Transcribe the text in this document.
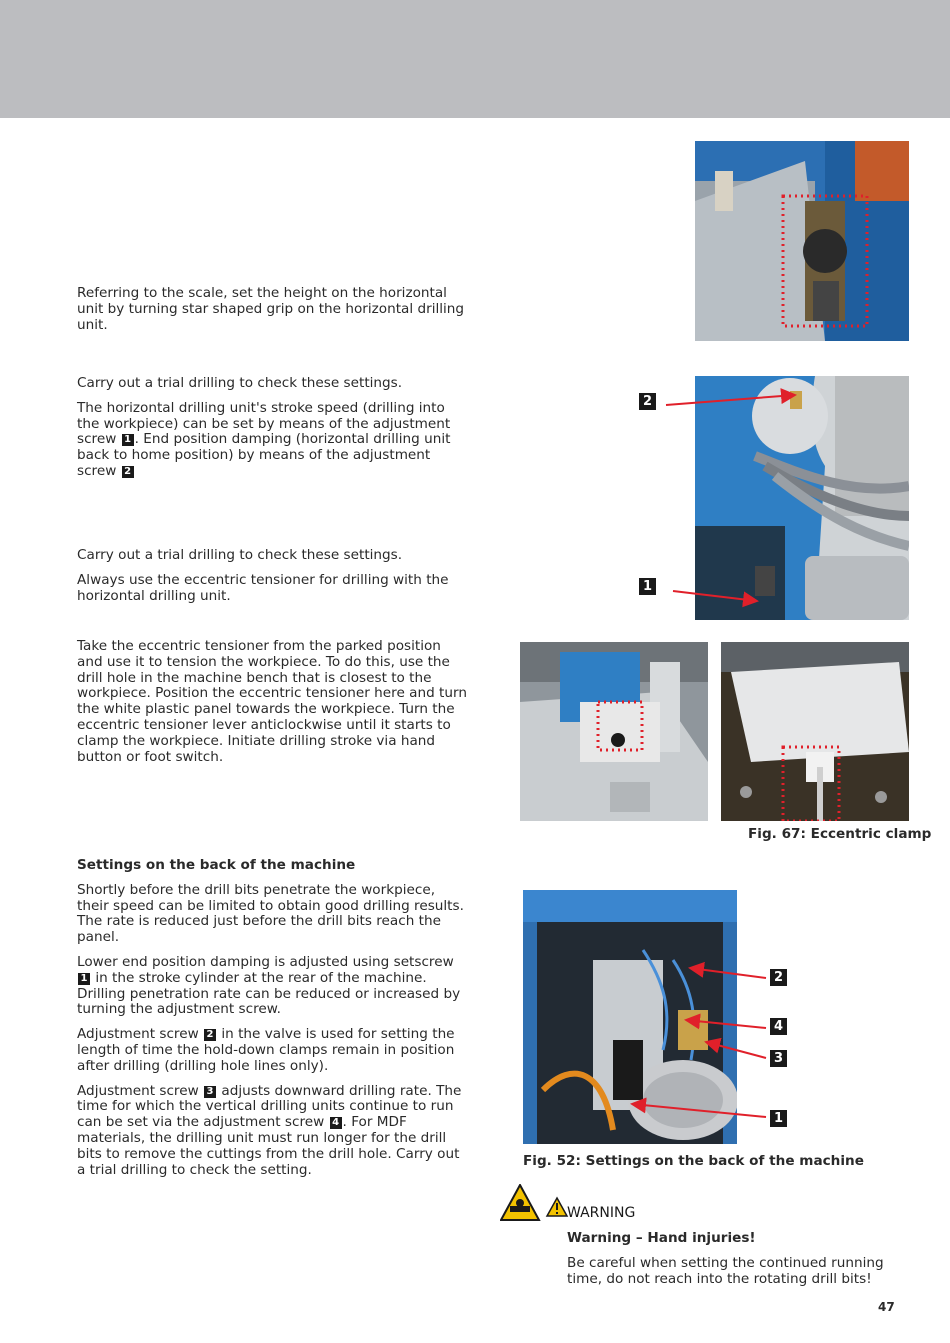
Referring to the scale, set the height on the horizontal unit by turning star shaped grip on the horizontal drilling unit.

Carry out a trial drilling to check these settings.

The horizontal drilling unit's stroke speed (drilling into the workpiece) can be set by means of the adjustment screw 1 . End position damping (horizontal drilling unit back to home position) by means of the adjustment screw 2

Carry out a trial drilling to check these settings.

Always use the eccentric tensioner for drilling with the horizontal drilling unit.

Take the eccentric tensioner from the parked position and use it to tension the workpiece. To do this, use the drill hole in the machine bench that is closest to the workpiece. Position the eccentric tensioner here and turn the white plastic panel towards the workpiece. Turn the eccentric tensioner lever anticlockwise until it starts to clamp the workpiece. Initiate drilling stroke via hand button or foot switch.

Settings on the back of the machine

Shortly before the drill bits penetrate the workpiece, their speed can be limited to obtain good drilling results. The rate is reduced just before the drill bits reach the panel.

Lower end position damping is adjusted using setscrew 1 in the stroke cylinder at the rear of the machine. Drilling penetration rate can be reduced or increased by turning the adjustment screw.

Adjustment screw 2 in the valve is used for setting the length of time the hold-down clamps remain in position after drilling (drilling hole lines only).

Adjustment screw 3 adjusts downward drilling rate. The time for which the vertical drilling units continue to run can be set via the adjustment screw 4 . For MDF materials, the drilling unit must run longer for the drill bits to remove the cuttings from the drill hole. Carry out a trial drilling to check the setting.

2
1
Fig. 67: Eccentric clamp
2
4
3
1
Fig. 52: Settings on the back of the machine
WARNING
Warning – Hand injuries!
Be careful when setting the continued running time, do not reach into the rotating drill bits!
47
